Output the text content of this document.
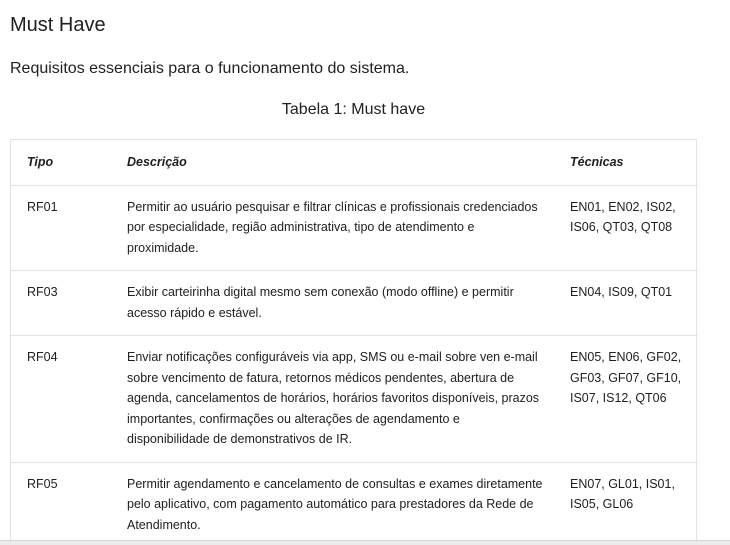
Must Have

Requisitos essenciais para o funcionamento do sistema.

Tabela 1: Must have
Tipo	Descrição	Técnicas
RF01	Permitir ao usuário pesquisar e filtrar clínicas e profissionais credenciados por especialidade, região administrativa, tipo de atendimento e proximidade.	EN01, EN02, IS02, IS06, QT03, QT08
RF03	Exibir carteirinha digital mesmo sem conexão (modo offline) e permitir acesso rápido e estável.	EN04, IS09, QT01
RF04	Enviar notificações configuráveis via app, SMS ou e-mail sobre ven e-mail sobre vencimento de fatura, retornos médicos pendentes, abertura de agenda, cancelamentos de horários, horários favoritos disponíveis, prazos importantes, confirmações ou alterações de agendamento e disponibilidade de demonstrativos de IR.	EN05, EN06, GF02, GF03, GF07, GF10, IS07, IS12, QT06
RF05	Permitir agendamento e cancelamento de consultas e exames diretamente pelo aplicativo, com pagamento automático para prestadores da Rede de Atendimento.	EN07, GL01, IS01, IS05, GL06
